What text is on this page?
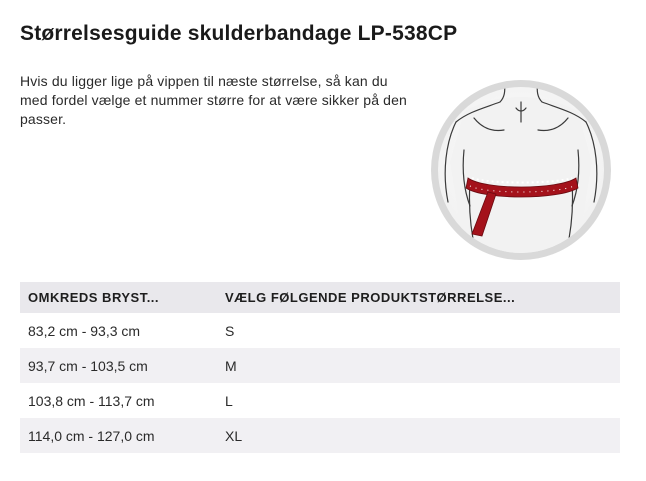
Størrelsesguide skulderbandage LP-538CP
Hvis du ligger lige på vippen til næste størrelse, så kan du med fordel vælge et nummer større for at være sikker på den passer.
OMKREDS BRYST...	VÆLG FØLGENDE PRODUKTSTØRRELSE...
83,2 cm - 93,3 cm	S
93,7 cm - 103,5 cm	M
103,8 cm - 113,7 cm	L
114,0 cm - 127,0 cm	XL
